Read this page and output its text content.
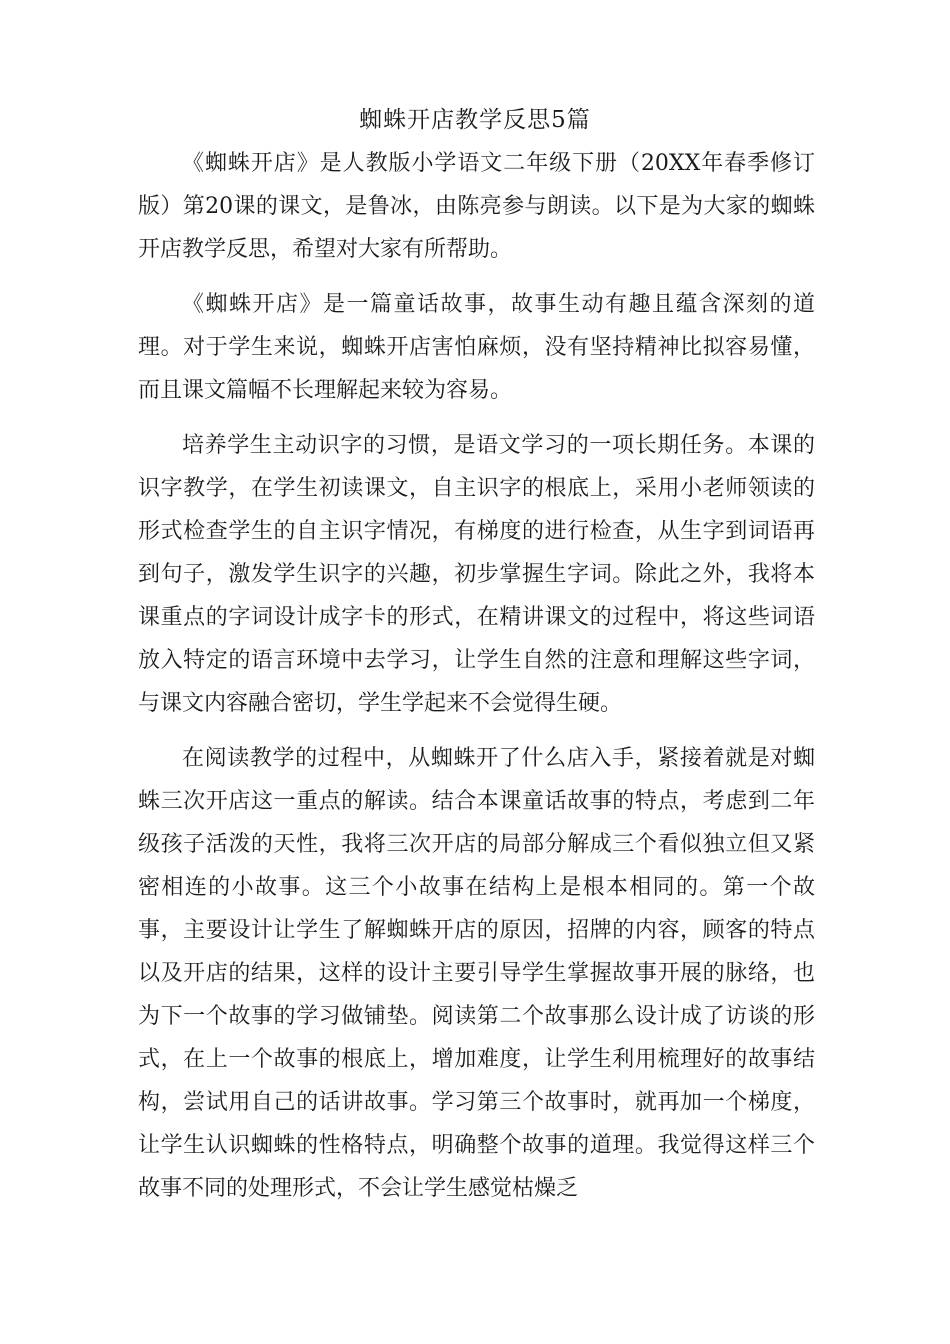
蜘蛛开店教学反思5篇

《蜘蛛开店》是人教版小学语文二年级下册（20XX年春季修订版）第20课的课文，是鲁冰，由陈亮参与朗读。以下是为大家的蜘蛛开店教学反思，希望对大家有所帮助。

《蜘蛛开店》是一篇童话故事，故事生动有趣且蕴含深刻的道理。对于学生来说，蜘蛛开店害怕麻烦，没有坚持精神比拟容易懂，而且课文篇幅不长理解起来较为容易。

培养学生主动识字的习惯，是语文学习的一项长期任务。本课的识字教学，在学生初读课文，自主识字的根底上，采用小老师领读的形式检查学生的自主识字情况，有梯度的进行检查，从生字到词语再到句子，激发学生识字的兴趣，初步掌握生字词。除此之外，我将本课重点的字词设计成字卡的形式，在精讲课文的过程中，将这些词语放入特定的语言环境中去学习，让学生自然的注意和理解这些字词，与课文内容融合密切，学生学起来不会觉得生硬。

在阅读教学的过程中，从蜘蛛开了什么店入手，紧接着就是对蜘蛛三次开店这一重点的解读。结合本课童话故事的特点，考虑到二年级孩子活泼的天性，我将三次开店的局部分解成三个看似独立但又紧密相连的小故事。这三个小故事在结构上是根本相同的。第一个故事，主要设计让学生了解蜘蛛开店的原因，招牌的内容，顾客的特点以及开店的结果，这样的设计主要引导学生掌握故事开展的脉络，也为下一个故事的学习做铺垫。阅读第二个故事那么设计成了访谈的形式，在上一个故事的根底上，增加难度，让学生利用梳理好的故事结构，尝试用自己的话讲故事。学习第三个故事时，就再加一个梯度，让学生认识蜘蛛的性格特点，明确整个故事的道理。我觉得这样三个故事不同的处理形式，不会让学生感觉枯燥乏
